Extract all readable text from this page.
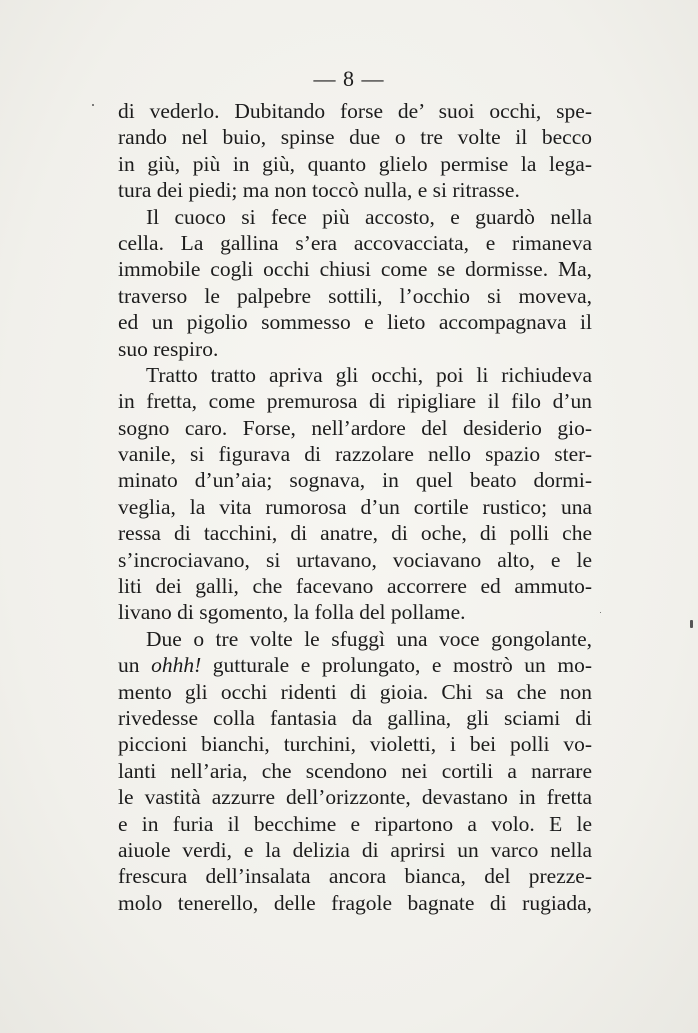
— 8 —
di vederlo. Dubitando forse de’ suoi occhi, spe-
rando nel buio, spinse due o tre volte il becco
in giù, più in giù, quanto glielo permise la lega-
tura dei piedi; ma non toccò nulla, e si ritrasse.
Il cuoco si fece più accosto, e guardò nella
cella. La gallina s’era accovacciata, e rimaneva
immobile cogli occhi chiusi come se dormisse. Ma,
traverso le palpebre sottili, l’occhio si moveva,
ed un pigolio sommesso e lieto accompagnava il
suo respiro.
Tratto tratto apriva gli occhi, poi li richiudeva
in fretta, come premurosa di ripigliare il filo d’un
sogno caro. Forse, nell’ardore del desiderio gio-
vanile, si figurava di razzolare nello spazio ster-
minato d’un’aia; sognava, in quel beato dormi-
veglia, la vita rumorosa d’un cortile rustico; una
ressa di tacchini, di anatre, di oche, di polli che
s’incrociavano, si urtavano, vociavano alto, e le
liti dei galli, che facevano accorrere ed ammuto-
livano di sgomento, la folla del pollame.
Due o tre volte le sfuggì una voce gongolante,
un ohhh! gutturale e prolungato, e mostrò un mo-
mento gli occhi ridenti di gioia. Chi sa che non
rivedesse colla fantasia da gallina, gli sciami di
piccioni bianchi, turchini, violetti, i bei polli vo-
lanti nell’aria, che scendono nei cortili a narrare
le vastità azzurre dell’orizzonte, devastano in fretta
e in furia il becchime e ripartono a volo. E le
aiuole verdi, e la delizia di aprirsi un varco nella
frescura dell’insalata ancora bianca, del prezze-
molo tenerello, delle fragole bagnate di rugiada,
